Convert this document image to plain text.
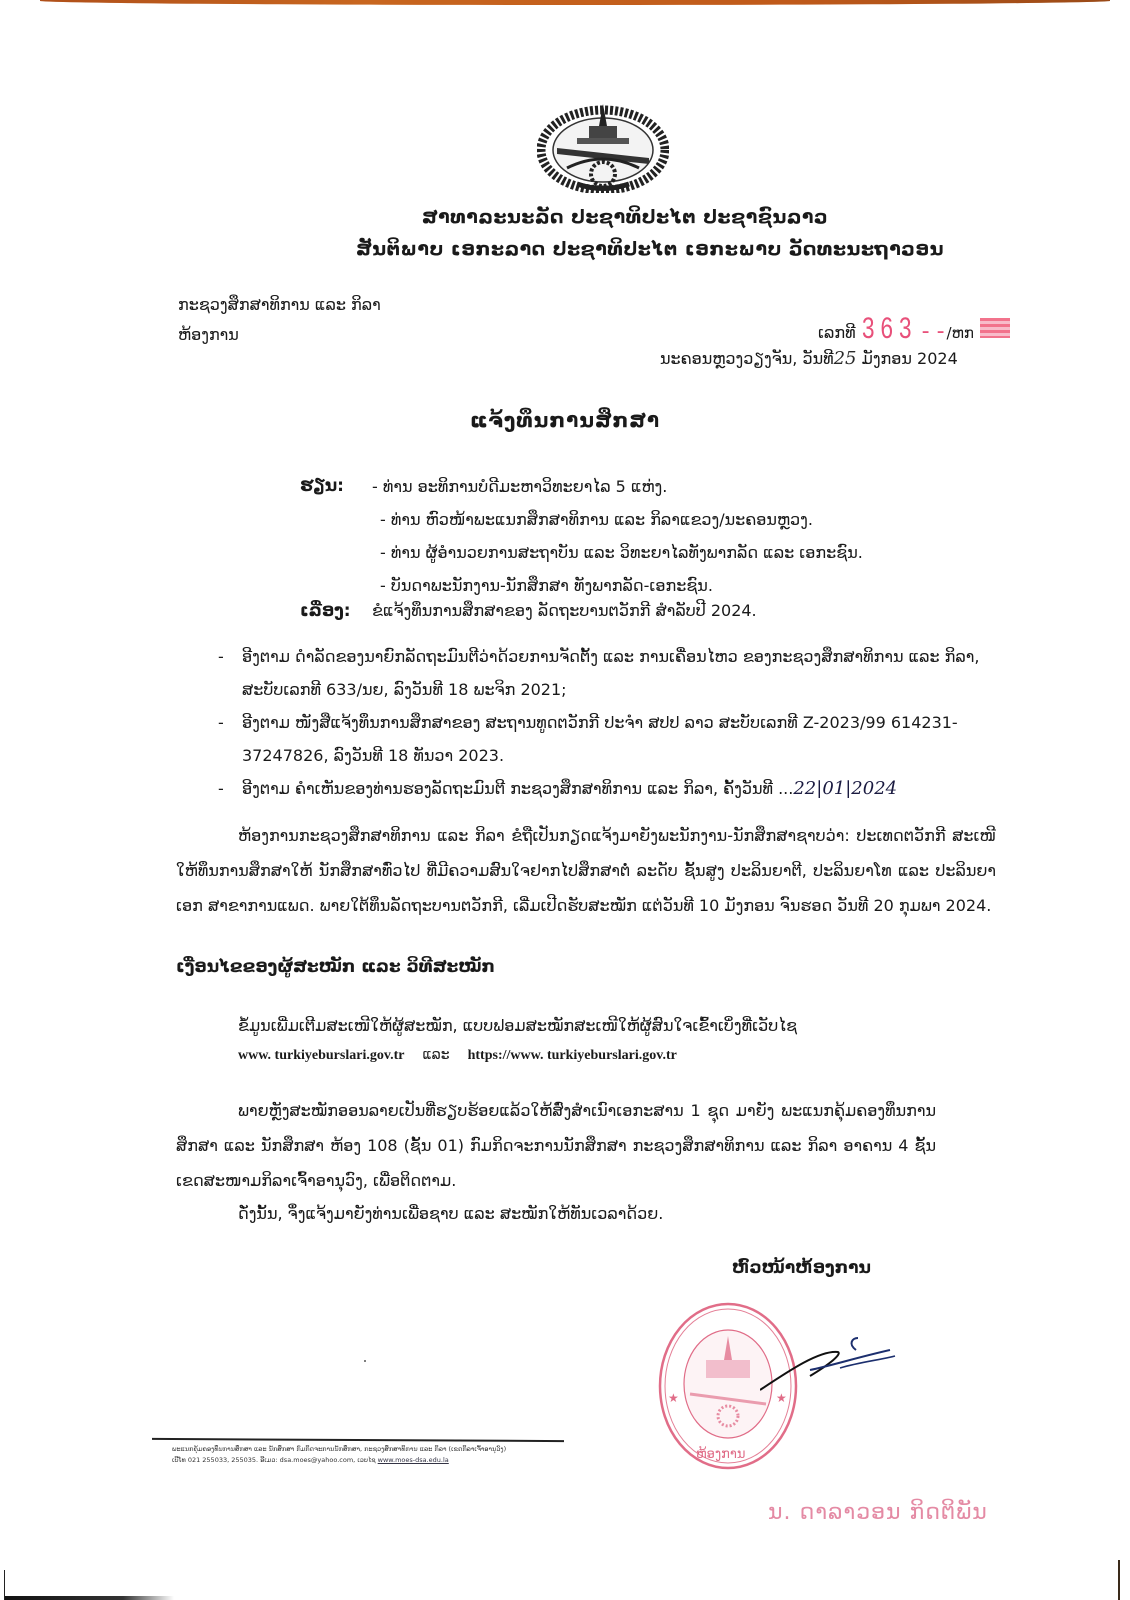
ສາທາລະນະລັດ ປະຊາທິປະໄຕ ປະຊາຊົນລາວ
ສັນຕິພາບ ເອກະລາດ ປະຊາທິປະໄຕ ເອກະພາບ ວັດທະນະຖາວອນ
ກະຊວງສຶກສາທິການ ແລະ ກິລາ
ຫ້ອງການ	ເລກທີ 363 - - /ຫກ
ນະຄອນຫຼວງວຽງຈັນ, ວັນທີ25 ມັງກອນ 2024
ແຈ້ງທຶນການສຶກສາ
ຮຽນ:	- ທ່ານ ອະທິການບໍດີມະຫາວິທະຍາໄລ 5 ແຫ່ງ.
- ທ່ານ ຫົວໜ້າພະແນກສຶກສາທິການ ແລະ ກິລາແຂວງ/ນະຄອນຫຼວງ.
- ທ່ານ ຜູ້ອຳນວຍການສະຖາບັນ ແລະ ວິທະຍາໄລທັງພາກລັດ ແລະ ເອກະຊົນ.
- ບັນດາພະນັກງານ-ນັກສຶກສາ ທັງພາກລັດ-ເອກະຊົນ.
ເລື່ອງ:	ຂໍແຈ້ງທຶນການສຶກສາຂອງ ລັດຖະບານຕວັກກີ ສຳລັບປີ 2024.
-	ອີງຕາມ ດຳລັດຂອງນາຍົກລັດຖະມົນຕີວ່າດ້ວຍການຈັດຕັ້ງ ແລະ ການເຄື່ອນໄຫວ ຂອງກະຊວງສຶກສາທິການ ແລະ ກິລາ, ສະບັບເລກທີ 633/ນຍ, ລົງວັນທີ 18 ພະຈິກ 2021;
-	ອີງຕາມ ໜັງສືແຈ້ງທຶນການສຶກສາຂອງ ສະຖານທູດຕວັກກີ ປະຈຳ ສປປ ລາວ ສະບັບເລກທີ Z-2023/99 614231-37247826, ລົງວັນທີ 18 ທັນວາ 2023.
-	ອີງຕາມ ຄຳເຫັນຂອງທ່ານຮອງລັດຖະມົນຕີ ກະຊວງສຶກສາທິການ ແລະ ກິລາ, ຄັ້ງວັນທີ ...22|01|2024
ຫ້ອງການກະຊວງສຶກສາທິການ ແລະ ກິລາ ຂໍຖືເປັນກຽດແຈ້ງມາຍັງພະນັກງານ-ນັກສຶກສາຊາບວ່າ: ປະເທດຕວັກກີ ສະເໜີໃຫ້ທຶນການສຶກສາໃຫ້ ນັກສຶກສາທົ່ວໄປ ທີ່ມີຄວາມສົນໃຈຢາກໄປສຶກສາຕໍ່ ລະດັບ ຊັ້ນສູງ ປະລິນຍາຕີ, ປະລິນຍາໂທ ແລະ ປະລິນຍາເອກ ສາຂາການແພດ. ພາຍໃຕ້ທຶນລັດຖະບານຕວັກກີ, ເລີ່ມເປີດຮັບສະໝັກ ແຕ່ວັນທີ 10 ມັງກອນ ຈົນຮອດ ວັນທີ 20 ກຸມພາ 2024.
ເງື່ອນໄຂຂອງຜູ້ສະໝັກ ແລະ ວິທີສະໝັກ
ຂໍ້ມູນເພີ່ມເຕີມສະເໜີໃຫ້ຜູ້ສະໝັກ, ແບບຟອມສະໝັກສະເໜີໃຫ້ຜູ້ສົນໃຈເຂົ້າເບິ່ງທີ່ເວັບໄຊ
www. turkiyeburslari.gov.tr ແລະ https://www. turkiyeburslari.gov.tr
ພາຍຫຼັງສະໝັກອອນລາຍເປັນທີ່ຮຽບຮ້ອຍແລ້ວໃຫ້ສົ່ງສຳເນົາເອກະສານ 1 ຊຸດ ມາຍັງ ພະແນກຄຸ້ມຄອງທຶນການສຶກສາ ແລະ ນັກສຶກສາ ຫ້ອງ 108 (ຊັ້ນ 01) ກົມກິດຈະການນັກສຶກສາ ກະຊວງສຶກສາທິການ ແລະ ກິລາ ອາຄານ 4 ຊັ້ນ ເຂດສະໜາມກິລາເຈົ້າອານຸວົງ, ເພື່ອຕິດຕາມ.
ດັ່ງນັ້ນ, ຈຶ່ງແຈ້ງມາຍັງທ່ານເພື່ອຊາບ ແລະ ສະໝັກໃຫ້ທັນເວລາດ້ວຍ.
ຫົວໜ້າຫ້ອງການ
★	★
ຫ້ອງການ
ນ. ດາລາວອນ ກິດຕິພັນ
ພະແນກຄຸ້ມຄອງທຶນການສຶກສາ ແລະ ນັກສຶກສາ ກົມກິດຈະການນັກສຶກສາ, ກະຊວງສຶກສາທິການ ແລະ ກິລາ (ເຂດກິລາເຈົ້າອານຸວົງ)
ເບີໂທ 021 255033, 255035. ອີເມວ: dsa.moes@yahoo.com, ເວບໄຊ www.moes-dsa.edu.la
